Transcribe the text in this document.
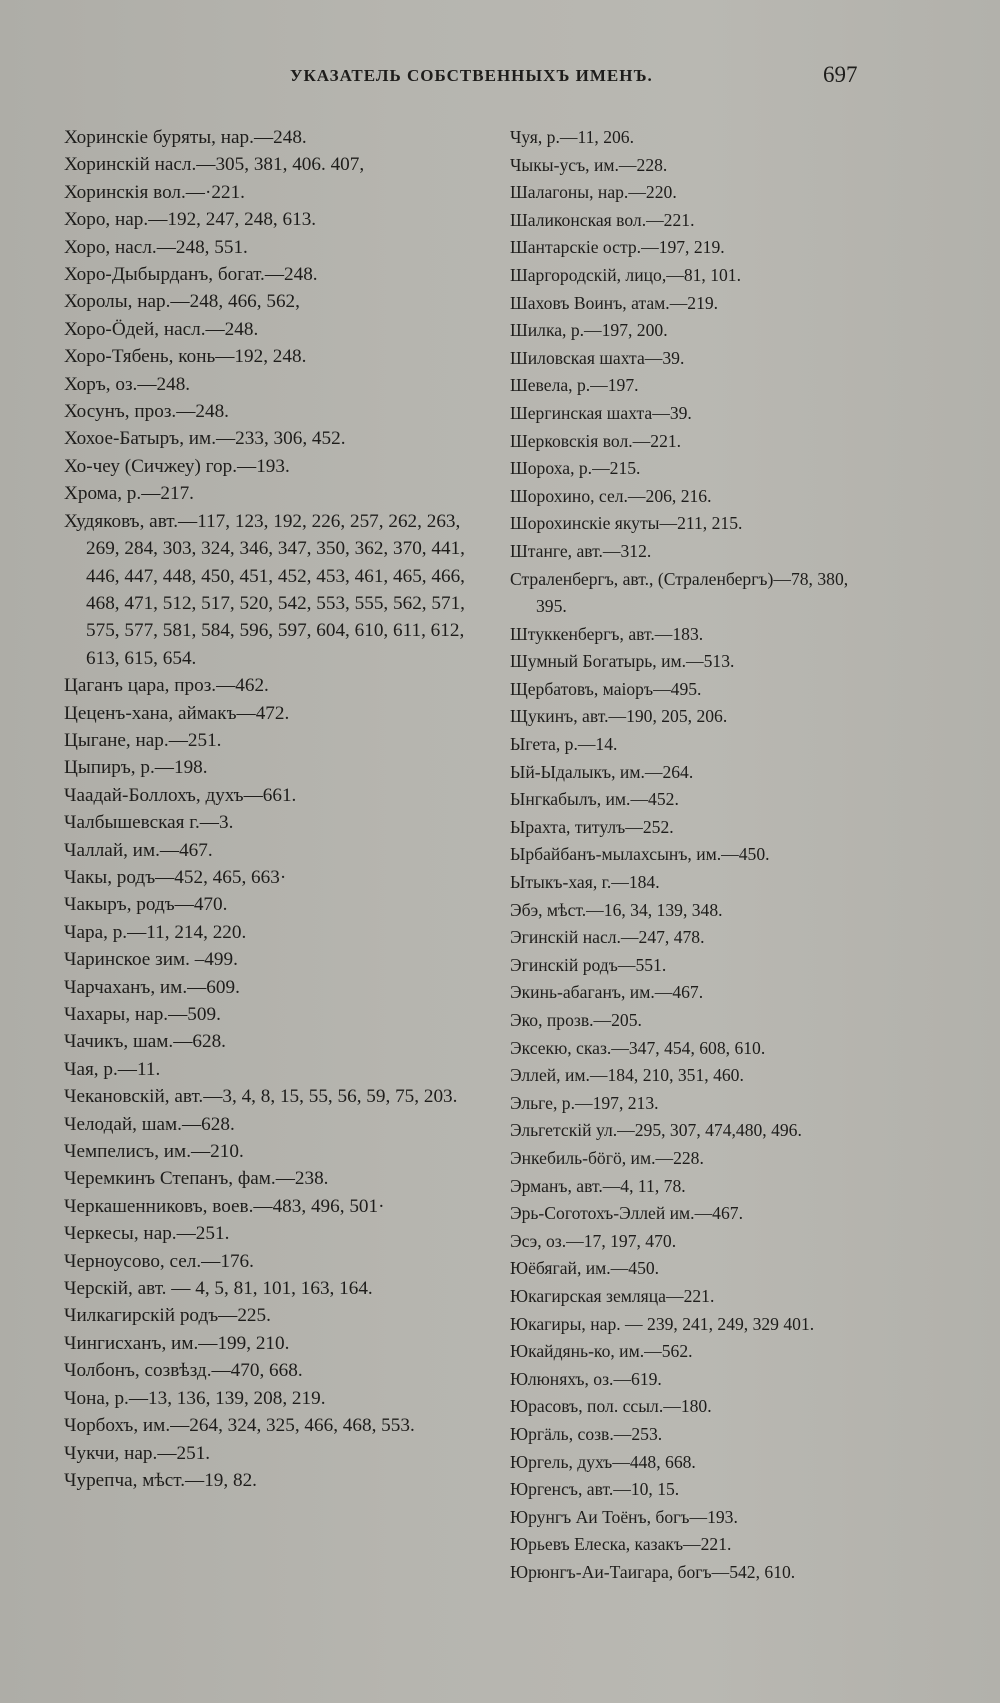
УКАЗАТЕЛЬ СОБСТВЕННЫХЪ ИМЕНЪ.	697
Хоринскіе буряты, нар.—248.
Хоринскій насл.—305, 381, 406. 407,
Хоринскія вол.—·221.
Хоро, нар.—192, 247, 248, 613.
Хоро, насл.—248, 551.
Хоро-Дыбырданъ, богат.—248.
Хоролы, нар.—248, 466, 562,
Хоро-Öдей, насл.—248.
Хоро-Тябень, конь—192, 248.
Хоръ, оз.—248.
Хосунъ, проз.—248.
Хохое-Батыръ, им.—233, 306, 452.
Хо-чеу (Сичжеу) гор.—193.
Хрома, р.—217.
Худяковъ, авт.—117, 123, 192, 226, 257, 262, 263, 269, 284, 303, 324, 346, 347, 350, 362, 370, 441, 446, 447, 448, 450, 451, 452, 453, 461, 465, 466, 468, 471, 512, 517, 520, 542, 553, 555, 562, 571, 575, 577, 581, 584, 596, 597, 604, 610, 611, 612, 613, 615, 654.
Цаганъ цара, проз.—462.
Цеценъ-хана, аймакъ—472.
Цыгане, нар.—251.
Цыпиръ, р.—198.
Чаадай-Боллохъ, духъ—661.
Чалбышевская г.—3.
Чаллай, им.—467.
Чакы, родъ—452, 465, 663·
Чакыръ, родъ—470.
Чара, р.—11, 214, 220.
Чаринское зим. –499.
Чарчаханъ, им.—609.
Чахары, нар.—509.
Чачикъ, шам.—628.
Чая, р.—11.
Чекановскій, авт.—3, 4, 8, 15, 55, 56, 59, 75, 203.
Челодай, шам.—628.
Чемпелисъ, им.—210.
Черемкинъ Степанъ, фам.—238.
Черкашенниковъ, воев.—483, 496, 501·
Черкесы, нар.—251.
Черноусово, сел.—176.
Черскій, авт. — 4, 5, 81, 101, 163, 164.
Чилкагирскій родъ—225.
Чингисханъ, им.—199, 210.
Чолбонъ, созвѣзд.—470, 668.
Чона, р.—13, 136, 139, 208, 219.
Чорбохъ, им.—264, 324, 325, 466, 468, 553.
Чукчи, нар.—251.
Чурепча, мѣст.—19, 82.
Чуя, р.—11, 206.
Чыкы-усъ, им.—228.
Шалагоны, нар.—220.
Шаликонская вол.—221.
Шантарскіе остр.—197, 219.
Шаргородскій, лицо,—81, 101.
Шаховъ Воинъ, атам.—219.
Шилка, р.—197, 200.
Шиловская шахта—39.
Шевела, р.—197.
Шергинская шахта—39.
Шерковскія вол.—221.
Шороха, р.—215.
Шорохино, сел.—206, 216.
Шорохинскіе якуты—211, 215.
Штанге, авт.—312.
Страленбергъ, авт., (Страленбергъ)—78, 380, 395.
Штуккенбергъ, авт.—183.
Шумный Богатырь, им.—513.
Щербатовъ, маіоръ—495.
Щукинъ, авт.—190, 205, 206.
Ыгета, р.—14.
Ый-Ыдалыкъ, им.—264.
Ынгкабылъ, им.—452.
Ырахта, титулъ—252.
Ырбайбанъ-мылахсынъ, им.—450.
Ытыкъ-хая, г.—184.
Эбэ, мѣст.—16, 34, 139, 348.
Эгинскій насл.—247, 478.
Эгинскій родъ—551.
Экинь-абаганъ, им.—467.
Эко, прозв.—205.
Эксекю, сказ.—347, 454, 608, 610.
Эллей, им.—184, 210, 351, 460.
Эльге, р.—197, 213.
Эльгетскій ул.—295, 307, 474,480, 496.
Энкебиль-бöгö, им.—228.
Эрманъ, авт.—4, 11, 78.
Эрь-Соготохъ-Эллей им.—467.
Эсэ, оз.—17, 197, 470.
Юёбягай, им.—450.
Юкагирская земляца—221.
Юкагиры, нар. — 239, 241, 249, 329 401.
Юкайдянь-ко, им.—562.
Юлюняхъ, оз.—619.
Юрасовъ, пол. ссыл.—180.
Юргäль, созв.—253.
Юргель, духъ—448, 668.
Юргенсъ, авт.—10, 15.
Юрунгъ Аи Тоёнъ, богъ—193.
Юрьевъ Елеска, казакъ—221.
Юрюнгъ-Аи-Таигара, богъ—542, 610.
